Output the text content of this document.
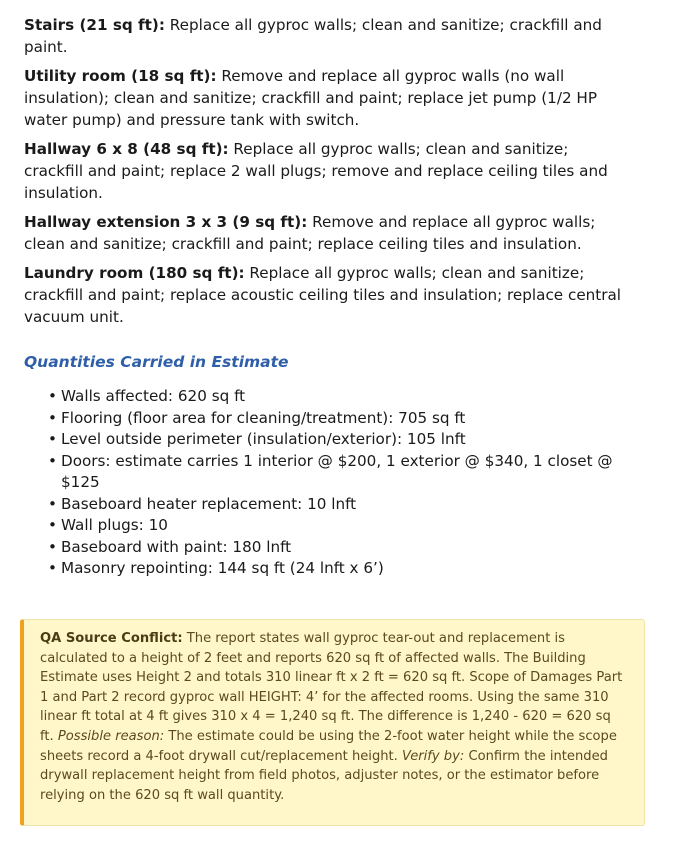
Stairs (21 sq ft): Replace all gyproc walls; clean and sanitize; crackfill and paint.

Utility room (18 sq ft): Remove and replace all gyproc walls (no wall insulation); clean and sanitize; crackfill and paint; replace jet pump (1/2 HP water pump) and pressure tank with switch.

Hallway 6 x 8 (48 sq ft): Replace all gyproc walls; clean and sanitize; crackfill and paint; replace 2 wall plugs; remove and replace ceiling tiles and insulation.

Hallway extension 3 x 3 (9 sq ft): Remove and replace all gyproc walls; clean and sanitize; crackfill and paint; replace ceiling tiles and insulation.

Laundry room (180 sq ft): Replace all gyproc walls; clean and sanitize; crackfill and paint; replace acoustic ceiling tiles and insulation; replace central vacuum unit.

Quantities Carried in Estimate
• Walls affected: 620 sq ft
• Flooring (floor area for cleaning/treatment): 705 sq ft
• Level outside perimeter (insulation/exterior): 105 lnft
• Doors: estimate carries 1 interior @ $200, 1 exterior @ $340, 1 closet @ $125
• Baseboard heater replacement: 10 lnft
• Wall plugs: 10
• Baseboard with paint: 180 lnft
• Masonry repointing: 144 sq ft (24 lnft x 6’)

QA Source Conflict: The report states wall gyproc tear-out and replacement is calculated to a height of 2 feet and reports 620 sq ft of affected walls. The Building Estimate uses Height 2 and totals 310 linear ft x 2 ft = 620 sq ft. Scope of Damages Part 1 and Part 2 record gyproc wall HEIGHT: 4’ for the affected rooms. Using the same 310 linear ft total at 4 ft gives 310 x 4 = 1,240 sq ft. The difference is 1,240 - 620 = 620 sq ft. Possible reason: The estimate could be using the 2-foot water height while the scope sheets record a 4-foot drywall cut/replacement height. Verify by: Confirm the intended drywall replacement height from field photos, adjuster notes, or the estimator before relying on the 620 sq ft wall quantity.
